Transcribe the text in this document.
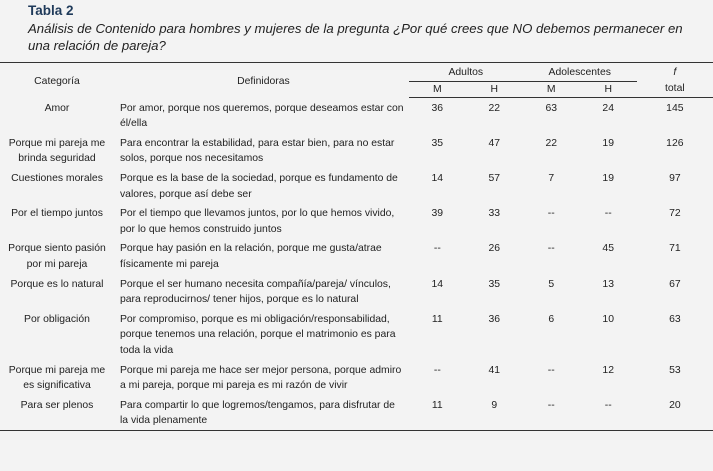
Tabla 2
Análisis de Contenido para hombres y mujeres de la pregunta ¿Por qué crees que NO debemos permanecer en una relación de pareja?
Categoría	Definidoras	Adultos		Adolescentes		f
		M	H	M	H	total
Amor	Por amor, porque nos queremos, porque deseamos estar con él/ella	36	22	63	24	145
Porque mi pareja me brinda seguridad	Para encontrar la estabilidad, para estar bien, para no estar solos, porque nos necesitamos	35	47	22	19	126
Cuestiones morales	Porque es la base de la sociedad, porque es fundamento de valores, porque así debe ser	14	57	7	19	97
Por el tiempo juntos	Por el tiempo que llevamos juntos, por lo que hemos vivido, por lo que hemos construido juntos	39	33	--	--	72
Porque siento pasión por mi pareja	Porque hay pasión en la relación, porque me gusta/atrae físicamente mi pareja	--	26	--	45	71
Porque es lo natural	Porque el ser humano necesita compañía/pareja/ vínculos, para reproducirnos/ tener hijos, porque es lo natural	14	35	5	13	67
Por obligación	Por compromiso, porque es mi obligación/responsabilidad, porque tenemos una relación, porque el matrimonio es para toda la vida	11	36	6	10	63
Porque mi pareja me es significativa	Porque mi pareja me hace ser mejor persona, porque admiro a mi pareja, porque mi pareja es mi razón de vivir	--	41	--	12	53
Para ser plenos	Para compartir lo que logremos/tengamos, para disfrutar de la vida plenamente	11	9	--	--	20
